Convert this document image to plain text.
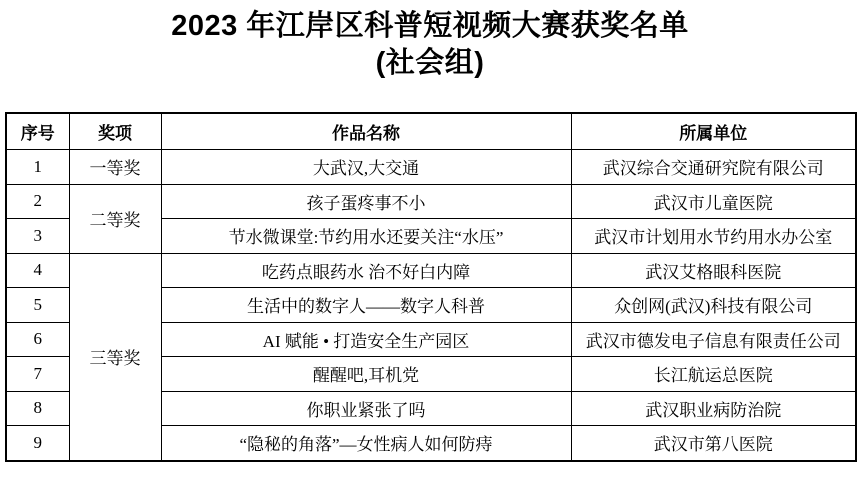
2023 年江岸区科普短视频大赛获奖名单
(社会组)
序号	奖项	作品名称	所属单位
1	一等奖	大武汉,大交通	武汉综合交通研究院有限公司
2	二等奖	孩子蛋疼事不小	武汉市儿童医院
3		节水微课堂:节约用水还要关注“水压”	武汉市计划用水节约用水办公室
4	三等奖	吃药点眼药水 治不好白内障	武汉艾格眼科医院
5		生活中的数字人——数字人科普	众创网(武汉)科技有限公司
6		AI 赋能 • 打造安全生产园区	武汉市德发电子信息有限责任公司
7		醒醒吧,耳机党	长江航运总医院
8		你职业紧张了吗	武汉职业病防治院
9		“隐秘的角落”—女性病人如何防痔	武汉市第八医院
